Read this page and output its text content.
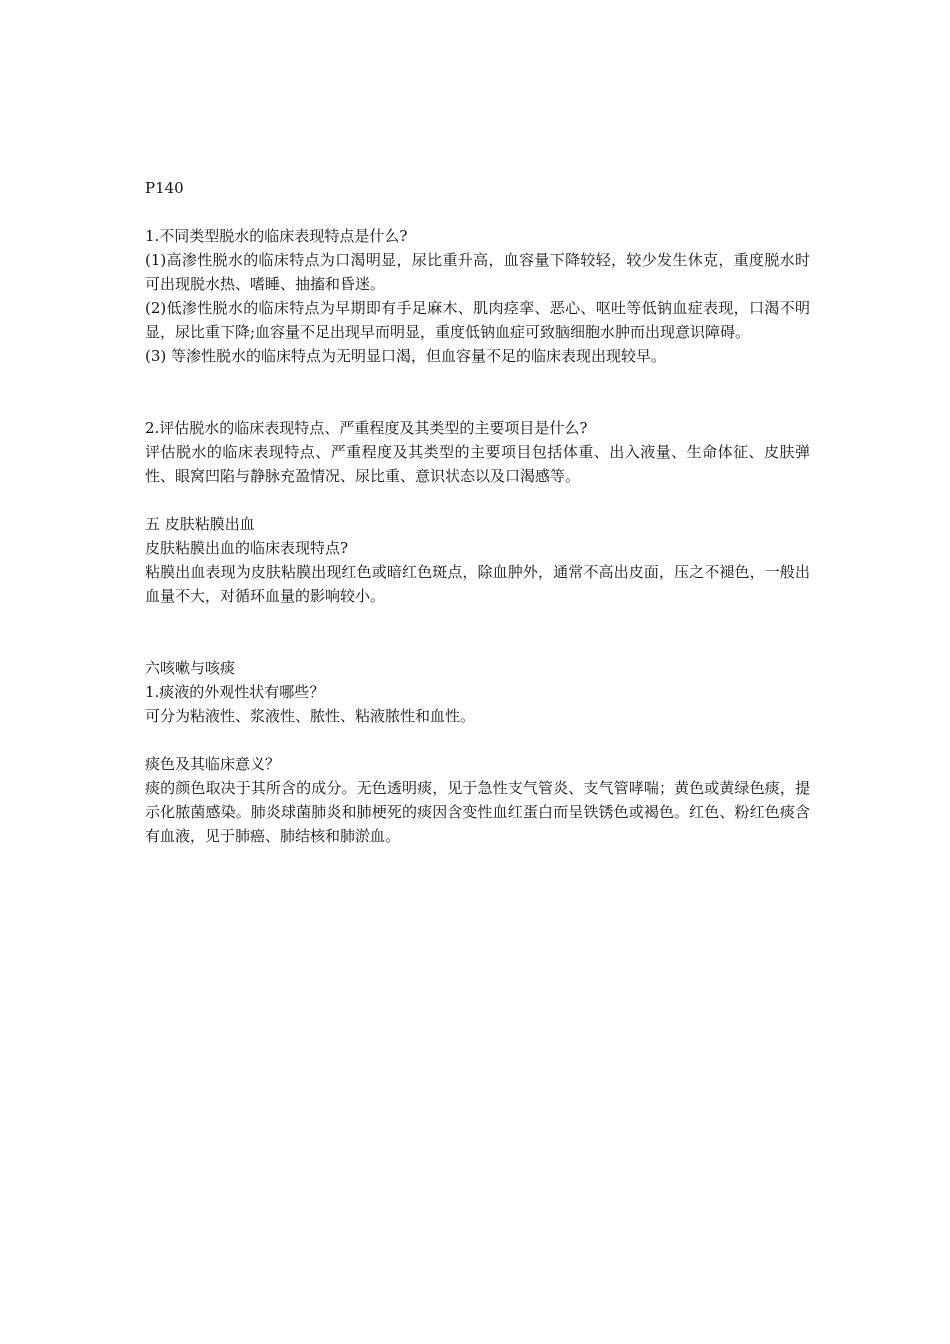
P140

1.不同类型脱水的临床表现特点是什么?

(1)高渗性脱水的临床特点为口渴明显，尿比重升高，血容量下降较轻，较少发生休克，重度脱水时可出现脱水热、嗜睡、抽搐和昏迷。

(2)低渗性脱水的临床特点为早期即有手足麻木、肌肉痉挛、恶心、呕吐等低钠血症表现，口渴不明显，尿比重下降;血容量不足出现早而明显，重度低钠血症可致脑细胞水肿而出现意识障碍。

(3) 等渗性脱水的临床特点为无明显口渴，但血容量不足的临床表现出现较早。

2.评估脱水的临床表现特点、严重程度及其类型的主要项目是什么?

评估脱水的临床表现特点、严重程度及其类型的主要项目包括体重、出入液量、生命体征、皮肤弹性、眼窝凹陷与静脉充盈情况、尿比重、意识状态以及口渴感等。

五 皮肤粘膜出血

皮肤粘膜出血的临床表现特点?

粘膜出血表现为皮肤粘膜出现红色或暗红色斑点，除血肿外，通常不高出皮面，压之不褪色，一般出血量不大，对循环血量的影响较小。

六咳嗽与咳痰

1.痰液的外观性状有哪些？

可分为粘液性、浆液性、脓性、粘液脓性和血性。

痰色及其临床意义？

痰的颜色取决于其所含的成分。无色透明痰，见于急性支气管炎、支气管哮喘；黄色或黄绿色痰，提示化脓菌感染。肺炎球菌肺炎和肺梗死的痰因含变性血红蛋白而呈铁锈色或褐色。红色、粉红色痰含有血液，见于肺癌、肺结核和肺淤血。
